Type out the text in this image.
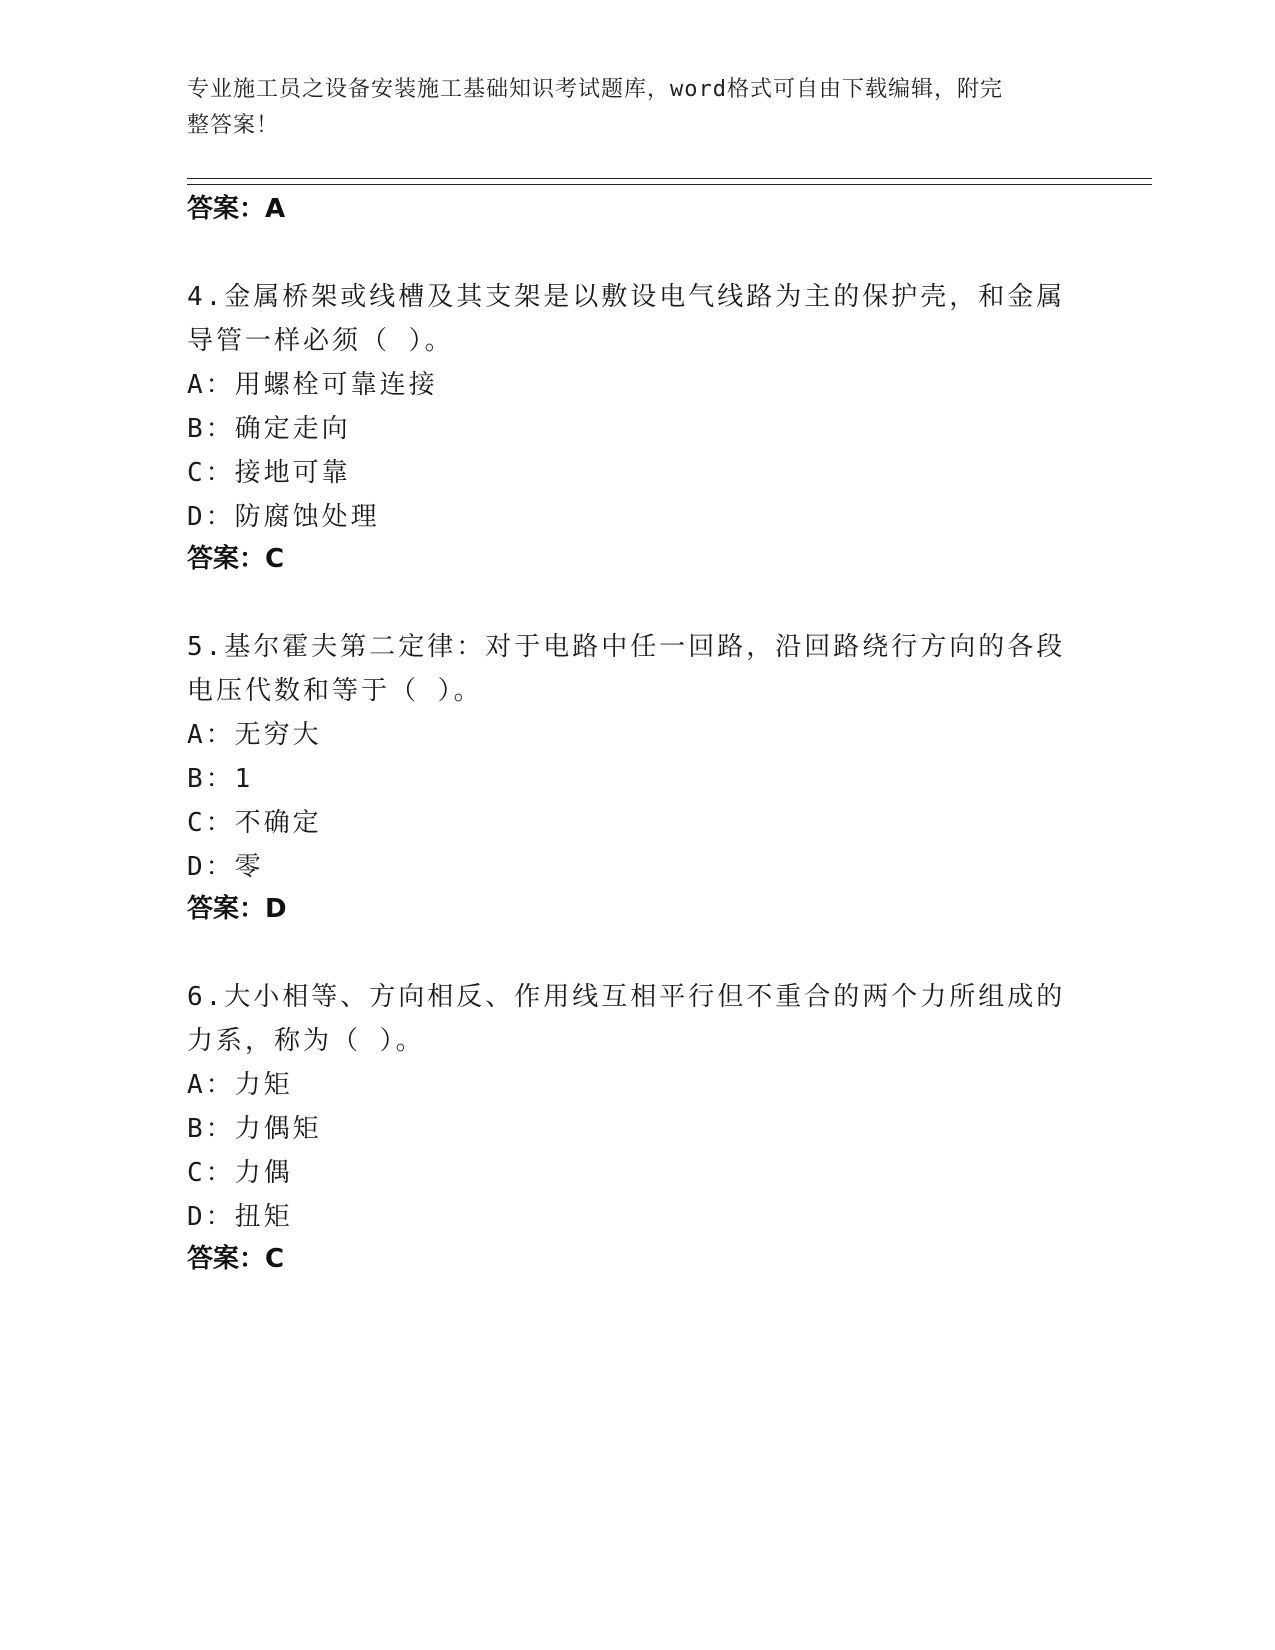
专业施工员之设备安装施工基础知识考试题库，word格式可自由下载编辑，附完
整答案！
答案：A
4.金属桥架或线槽及其支架是以敷设电气线路为主的保护壳，和金属
导管一样必须（ ）。
A：用螺栓可靠连接
B：确定走向
C：接地可靠
D：防腐蚀处理
答案：C
5.基尔霍夫第二定律：对于电路中任一回路，沿回路绕行方向的各段
电压代数和等于（ ）。
A：无穷大
B：1
C：不确定
D：零
答案：D
6.大小相等、方向相反、作用线互相平行但不重合的两个力所组成的
力系，称为（ ）。
A：力矩
B：力偶矩
C：力偶
D：扭矩
答案：C
